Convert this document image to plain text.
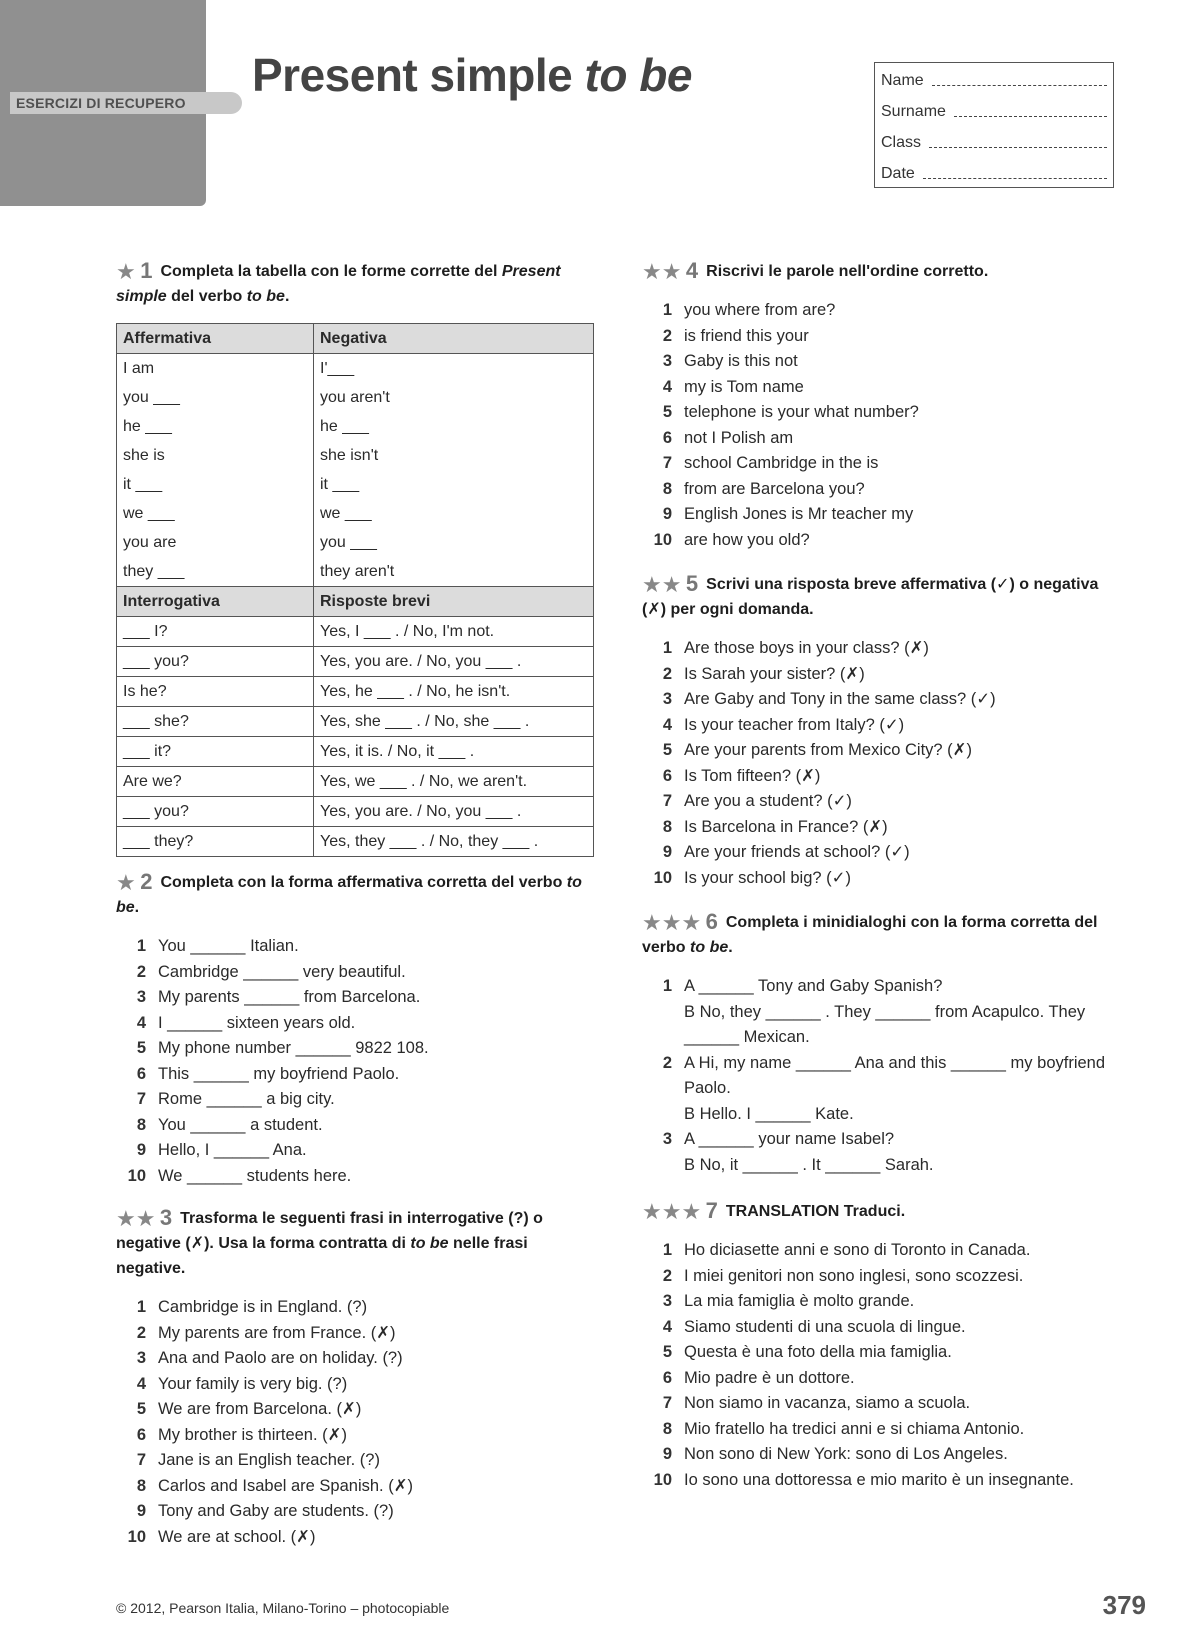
ESERCIZI DI RECUPERO
Present simple to be	Name
Surname
Class
Date

★ 1 Completa la tabella con le forme corrette del Present simple del verbo to be.

Affermativa	Negativa
I am	I'___
you ___	you aren't
he ___	he ___
she is	she isn't
it ___	it ___
we ___	we ___
you are	you ___
they ___	they aren't
Interrogativa	Risposte brevi
___ I?	Yes, I ___ . / No, I'm not.
___ you?	Yes, you are. / No, you ___ .
Is he?	Yes, he ___ . / No, he isn't.
___ she?	Yes, she ___ . / No, she ___ .
___ it?	Yes, it is. / No, it ___ .
Are we?	Yes, we ___ . / No, we aren't.
___ you?	Yes, you are. / No, you ___ .
___ they?	Yes, they ___ . / No, they ___ .

★ 2 Completa con la forma affermativa corretta del verbo to be.

1 You ______ Italian.
2 Cambridge ______ very beautiful.
3 My parents ______ from Barcelona.
4 I ______ sixteen years old.
5 My phone number ______ 9822 108.
6 This ______ my boyfriend Paolo.
7 Rome ______ a big city.
8 You ______ a student.
9 Hello, I ______ Ana.
10 We ______ students here.

★★ 3 Trasforma le seguenti frasi in interrogative (?) o negative (✗). Usa la forma contratta di to be nelle frasi negative.

1 Cambridge is in England. (?)
2 My parents are from France. (✗)
3 Ana and Paolo are on holiday. (?)
4 Your family is very big. (?)
5 We are from Barcelona. (✗)
6 My brother is thirteen. (✗)
7 Jane is an English teacher. (?)
8 Carlos and Isabel are Spanish. (✗)
9 Tony and Gaby are students. (?)
10 We are at school. (✗)

★★ 4 Riscrivi le parole nell'ordine corretto.

1 you where from are?
2 is friend this your
3 Gaby is this not
4 my is Tom name
5 telephone is your what number?
6 not I Polish am
7 school Cambridge in the is
8 from are Barcelona you?
9 English Jones is Mr teacher my
10 are how you old?

★★ 5 Scrivi una risposta breve affermativa (✓) o negativa (✗) per ogni domanda.

1 Are those boys in your class? (✗)
2 Is Sarah your sister? (✗)
3 Are Gaby and Tony in the same class? (✓)
4 Is your teacher from Italy? (✓)
5 Are your parents from Mexico City? (✗)
6 Is Tom fifteen? (✗)
7 Are you a student? (✓)
8 Is Barcelona in France? (✗)
9 Are your friends at school? (✓)
10 Is your school big? (✓)

★★★ 6 Completa i minidialoghi con la forma corretta del verbo to be.

1 A ______ Tony and Gaby Spanish?
B No, they ______ . They ______ from Acapulco. They ______ Mexican.
2 A Hi, my name ______ Ana and this ______ my boyfriend Paolo.
B Hello. I ______ Kate.
3 A ______ your name Isabel?
B No, it ______ . It ______ Sarah.

★★★ 7 TRANSLATION Traduci.

1 Ho diciasette anni e sono di Toronto in Canada.
2 I miei genitori non sono inglesi, sono scozzesi.
3 La mia famiglia è molto grande.
4 Siamo studenti di una scuola di lingue.
5 Questa è una foto della mia famiglia.
6 Mio padre è un dottore.
7 Non siamo in vacanza, siamo a scuola.
8 Mio fratello ha tredici anni e si chiama Antonio.
9 Non sono di New York: sono di Los Angeles.
10 Io sono una dottoressa e mio marito è un insegnante.
© 2012, Pearson Italia, Milano-Torino – photocopiable	379
